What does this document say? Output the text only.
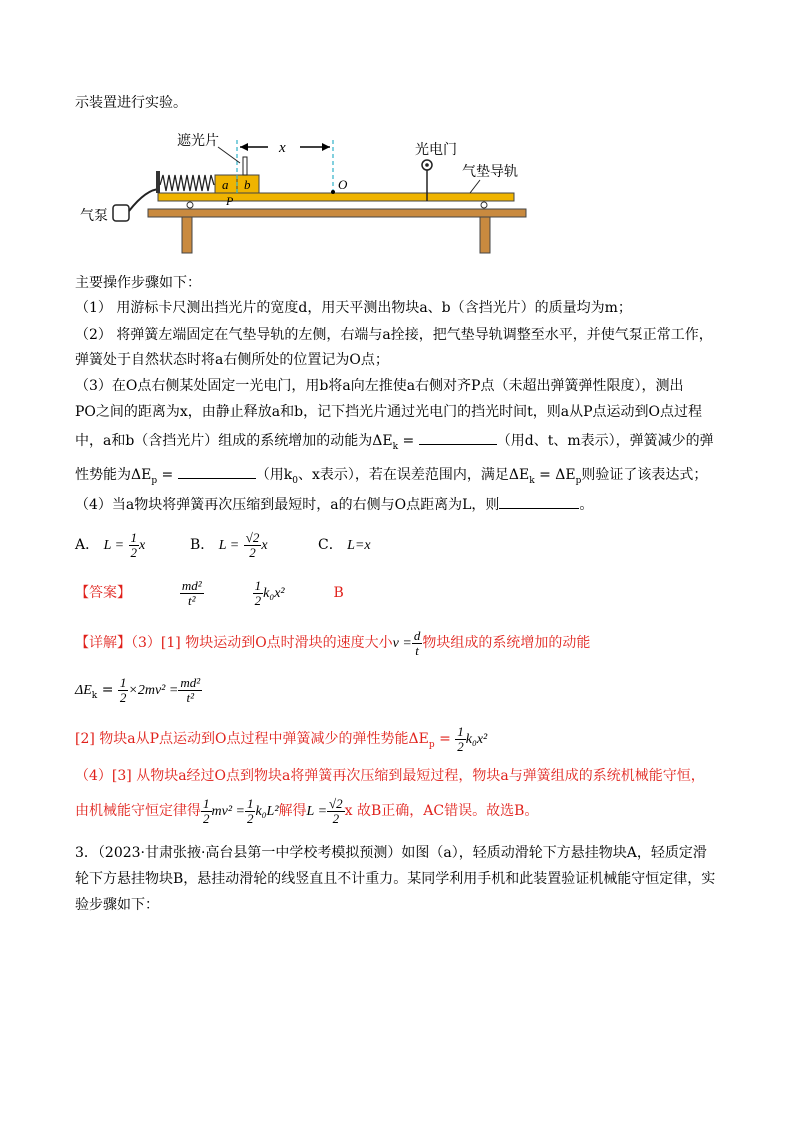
示装置进行实验。
气泵
a b
P
x
遮光片
O
光电门
气垫导轨
主要操作步骤如下：
（1） 用游标卡尺测出挡光片的宽度d，用天平测出物块a、b（含挡光片）的质量均为m；
（2） 将弹簧左端固定在气垫导轨的左侧，右端与a拴接，把气垫导轨调整至水平，并使气泵正常工作，
弹簧处于自然状态时将a右侧所处的位置记为O点；
（3）在O点右侧某处固定一光电门，用b将a向左推使a右侧对齐P点（未超出弹簧弹性限度），测出
PO之间的距离为x，由静止释放a和b，记下挡光片通过光电门的挡光时间t，则a从P点运动到O点过程
中，a和b（含挡光片）组成的系统增加的动能为$\Delta E_k$ =	（用d、t、m表示），弹簧减少的弹
性势能为$\Delta E_p$ =	（用$k_0$、x表示），若在误差范围内，满足$\Delta E_k = \Delta E_p$则验证了该表达式；
（4）当a物块将弹簧再次压缩到最短时，a的右侧与O点距离为L，则	。
A． $L = \frac{1}{2}$ x	B． $L = \frac{√2}{2}$ x	C． L=x
【答案】	$\frac{\text{md²}}{\text{t²}}$
	$\frac{1}{2} k_0x^2$	B
【详解】（3）[1] 物块运动到O点时滑块的速度大小$v = \frac{d}{t}$ 物块组成的系统增加的动能
$\Delta E_k = \frac{1}{2} \times 2mv^2 = \frac{\text{md²}}{\text{t²}}$
[2] 物块a从P点运动到O点过程中弹簧减少的弹性势能$\Delta E_p = \frac{1}{2} k_0x^2$
（4）[3] 从物块a经过O点到物块a将弹簧再次压缩到最短过程，物块a与弹簧组成的系统机械能守恒，
由机械能守恒定律得 $\frac{1}{2} mv^2 = \frac{1}{2} k_0L^2$解得$L = \frac{√2}{2}$ x 故B正确，AC错误。故选B。
3．（2023·甘肃张掖·高台县第一中学校考模拟预测）如图（a），轻质动滑轮下方悬挂物块A，轻质定滑
轮下方悬挂物块B，悬挂动滑轮的线竖直且不计重力。某同学利用手机和此装置验证机械能守恒定律，实
验步骤如下：
